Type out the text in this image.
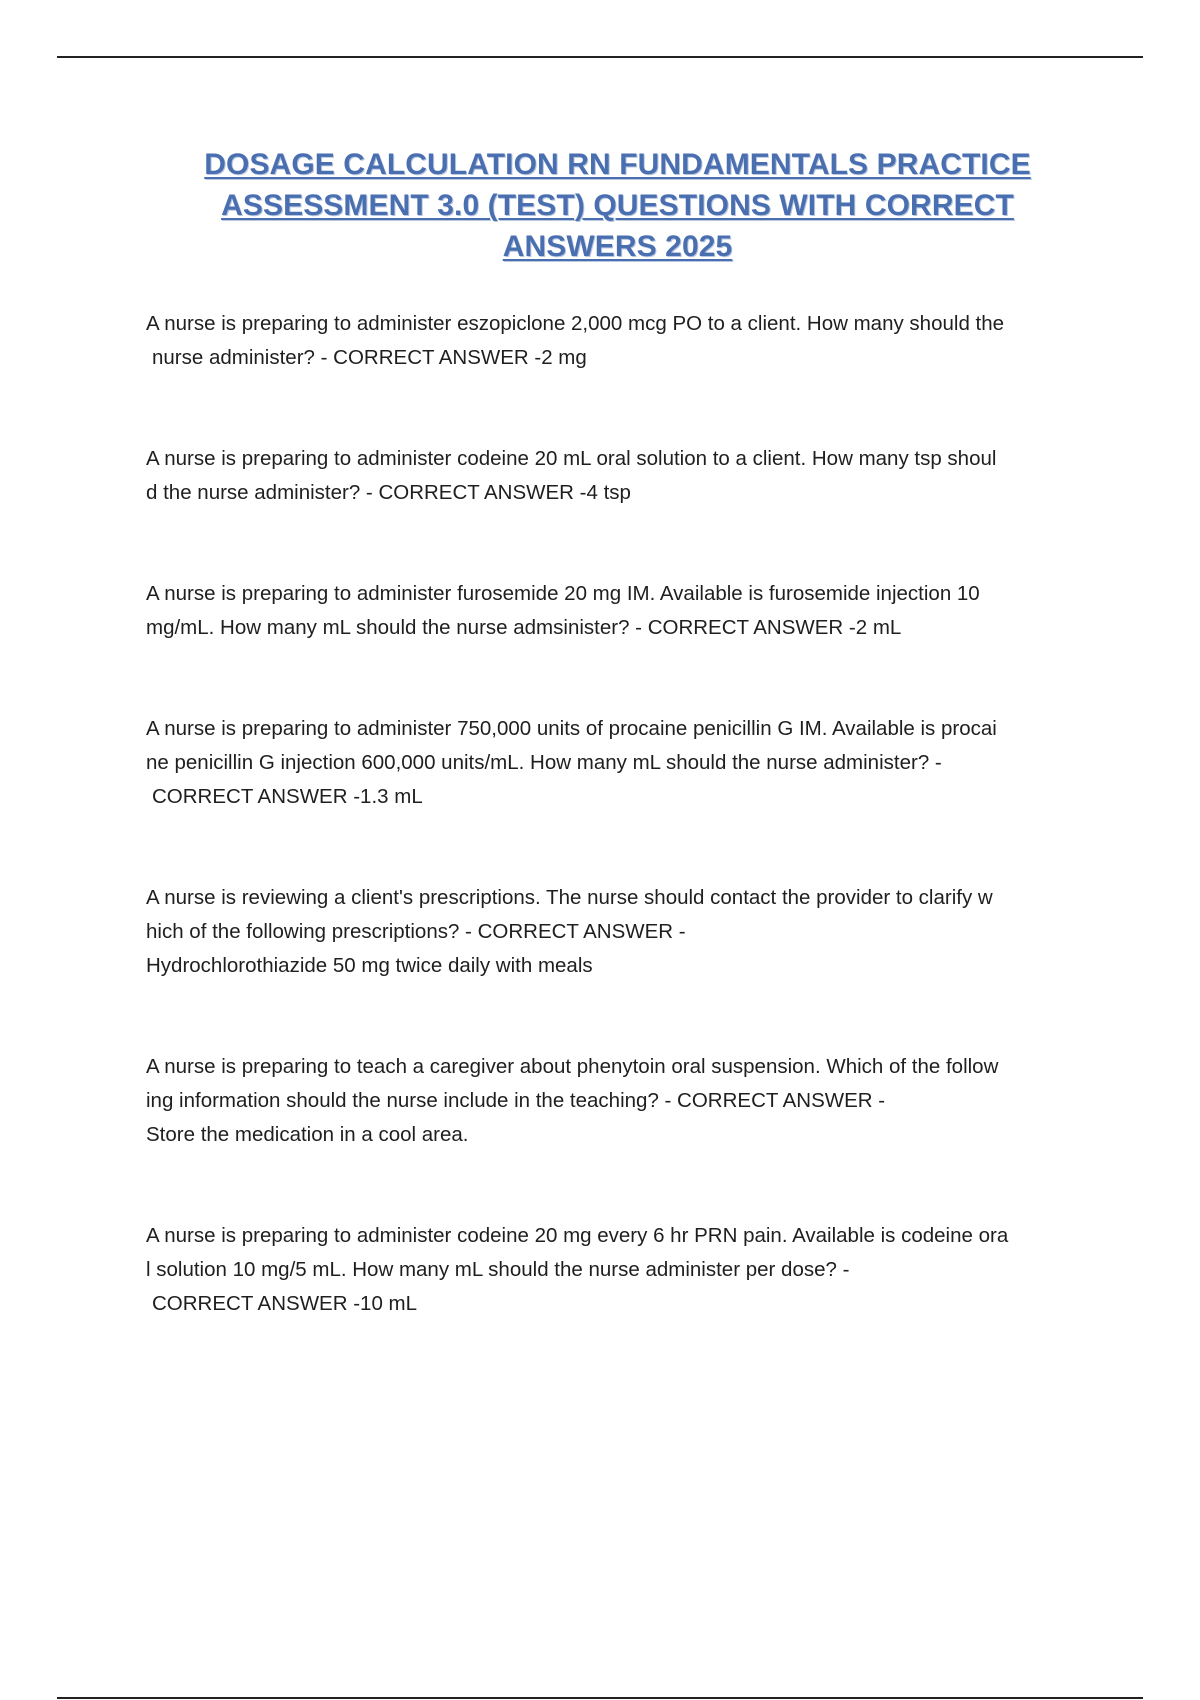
DOSAGE CALCULATION RN FUNDAMENTALS PRACTICE
ASSESSMENT 3.0 (TEST) QUESTIONS WITH CORRECT
ANSWERS 2025

A nurse is preparing to administer eszopiclone 2,000 mcg PO to a client. How many should the
nurse administer? - CORRECT ANSWER -2 mg

A nurse is preparing to administer codeine 20 mL oral solution to a client. How many tsp shoul
d the nurse administer? - CORRECT ANSWER -4 tsp

A nurse is preparing to administer furosemide 20 mg IM. Available is furosemide injection 10
mg/mL. How many mL should the nurse admsinister? - CORRECT ANSWER -2 mL

A nurse is preparing to administer 750,000 units of procaine penicillin G IM. Available is procai
ne penicillin G injection 600,000 units/mL. How many mL should the nurse administer? -
CORRECT ANSWER -1.3 mL

A nurse is reviewing a client's prescriptions. The nurse should contact the provider to clarify w
hich of the following prescriptions? - CORRECT ANSWER -
Hydrochlorothiazide 50 mg twice daily with meals

A nurse is preparing to teach a caregiver about phenytoin oral suspension. Which of the follow
ing information should the nurse include in the teaching? - CORRECT ANSWER -
Store the medication in a cool area.

A nurse is preparing to administer codeine 20 mg every 6 hr PRN pain. Available is codeine ora
l solution 10 mg/5 mL. How many mL should the nurse administer per dose? -
CORRECT ANSWER -10 mL
